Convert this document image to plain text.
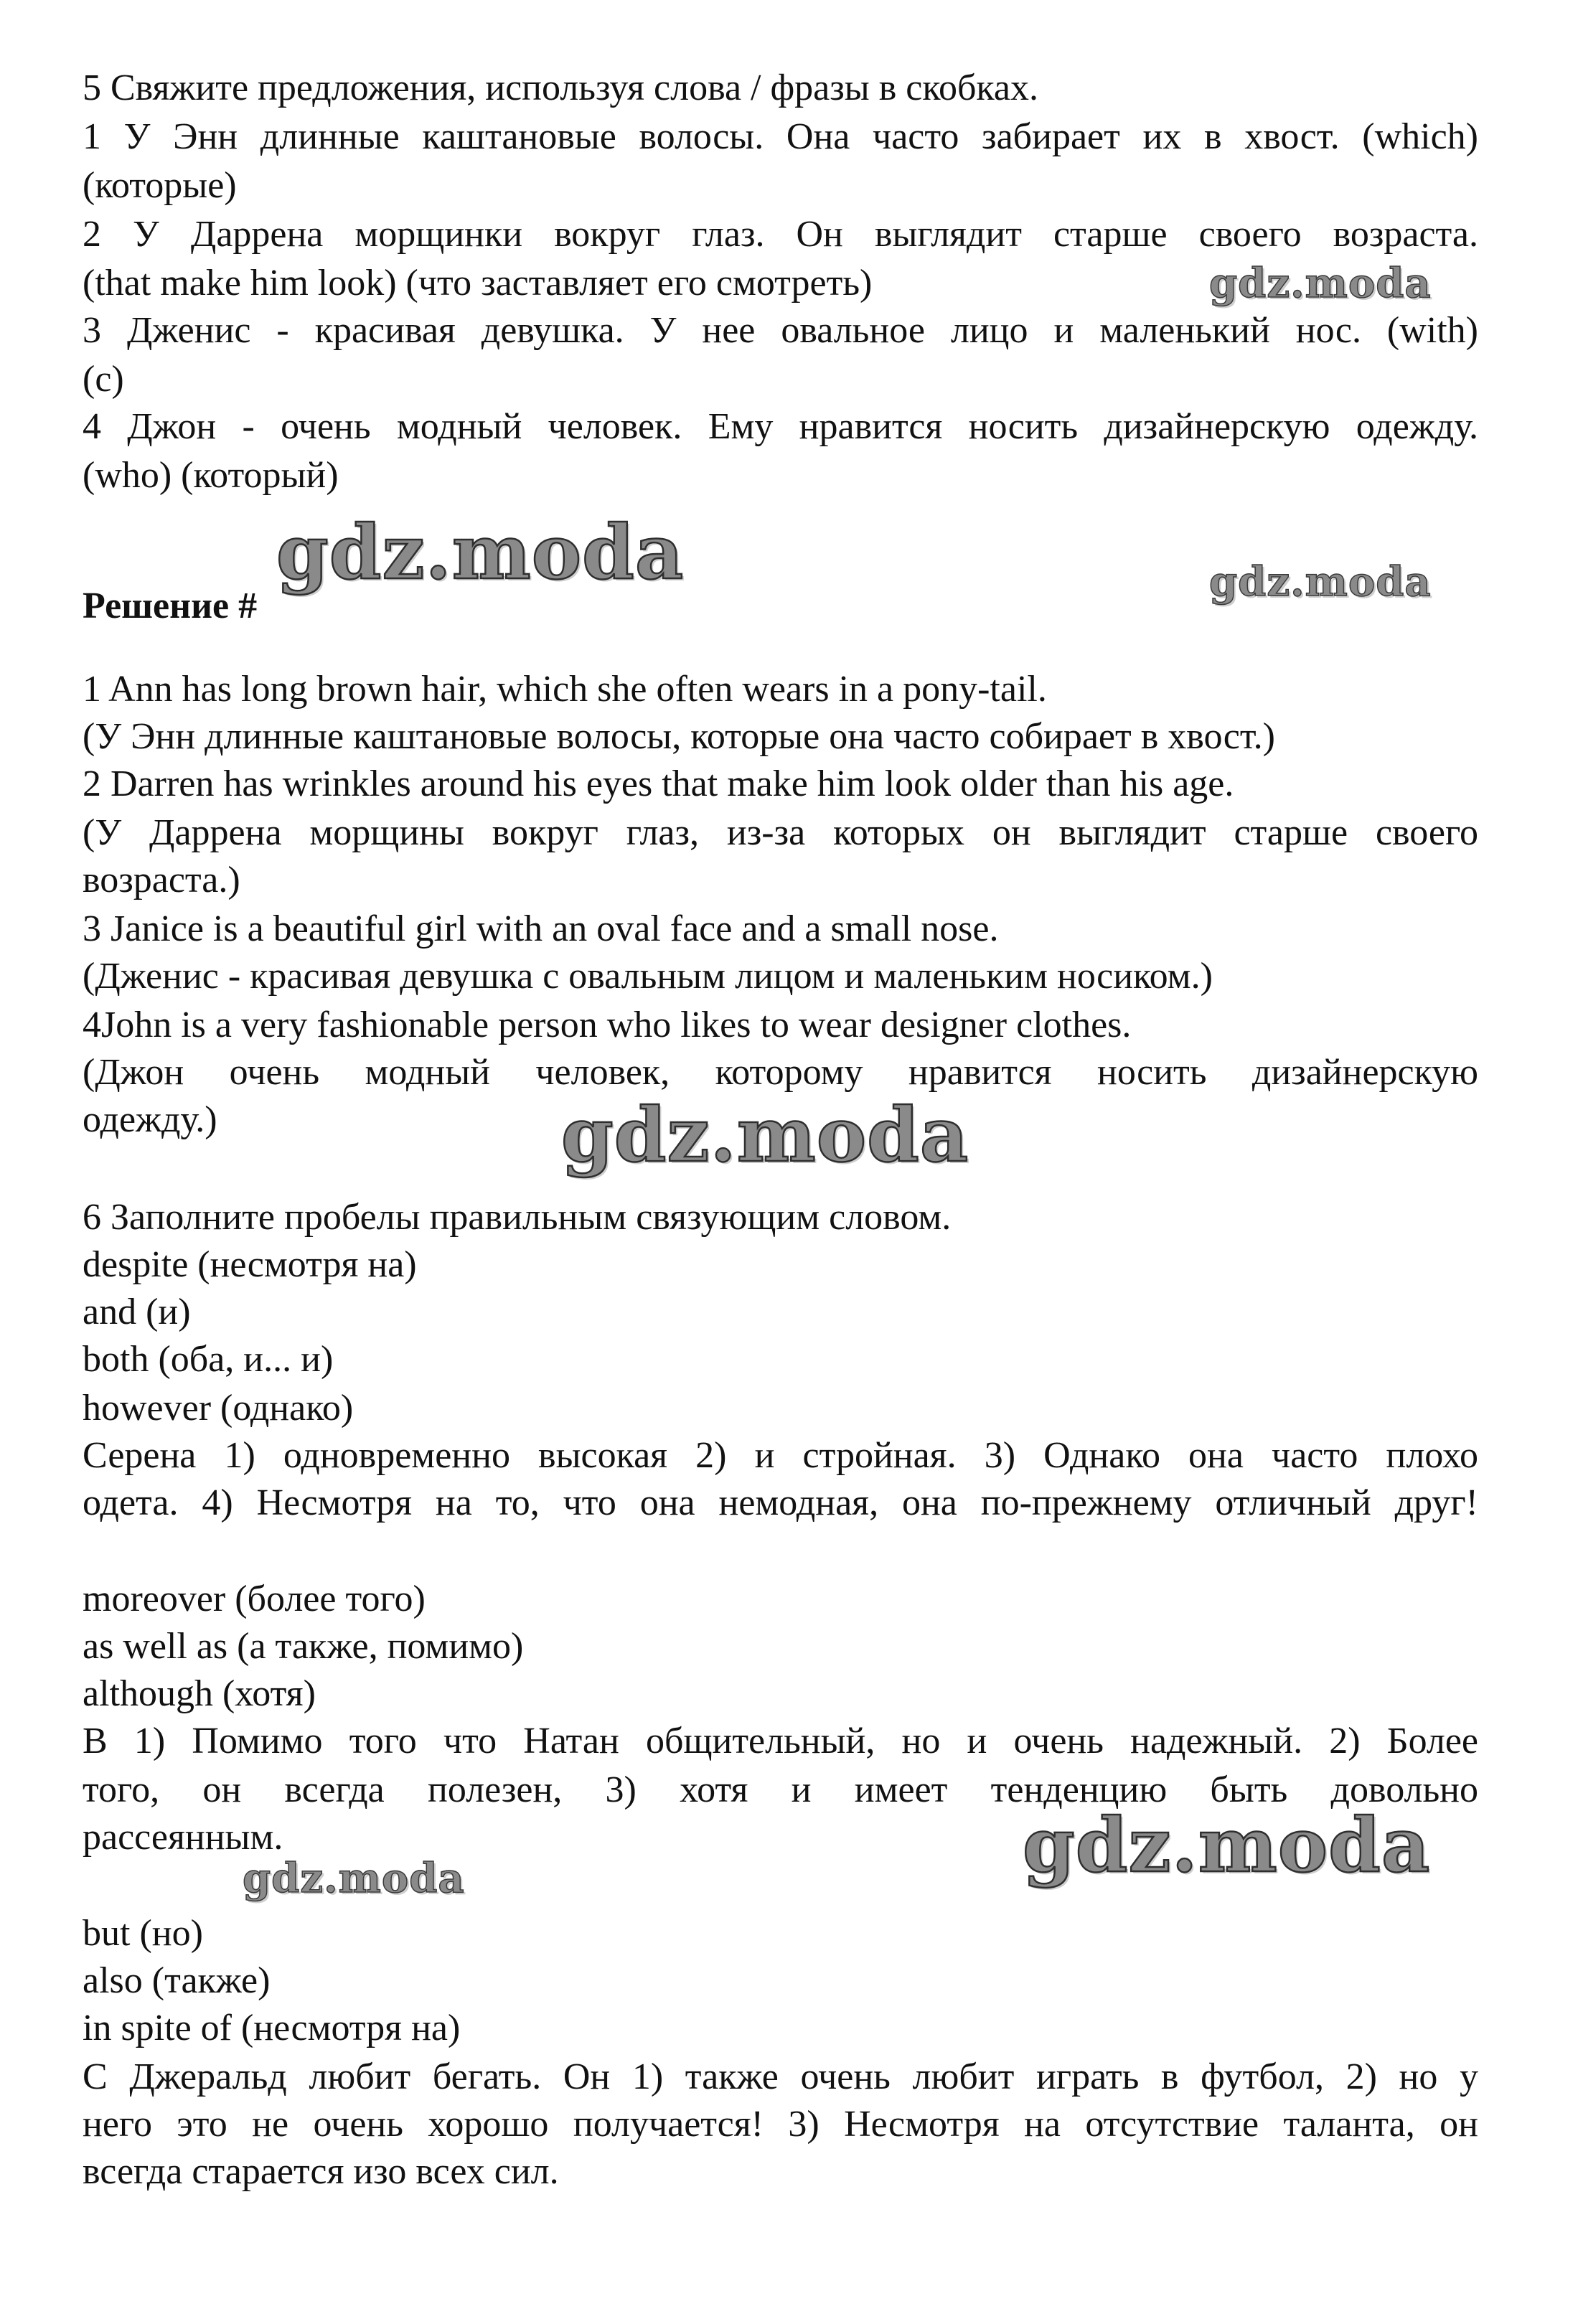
5 Свяжите предложения, используя слова / фразы в скобках.
1 У Энн длинные каштановые волосы. Она часто забирает их в хвост. (which)
(которые)
2 У Даррена морщинки вокруг глаз. Он выглядит старше своего возраста.
(that make him look) (что заставляет его смотреть)
3 Дженис - красивая девушка. У нее овальное лицо и маленький нос. (with)
(с)
4 Джон - очень модный человек. Ему нравится носить дизайнерскую одежду.
(who) (который)
Решение #
1 Ann has long brown hair, which she often wears in a pony-tail.
(У Энн длинные каштановые волосы, которые она часто собирает в хвост.)
2 Darren has wrinkles around his eyes that make him look older than his age.
(У Даррена морщины вокруг глаз, из-за которых он выглядит старше своего
возраста.)
3 Janice is a beautiful girl with an oval face and a small nose.
(Дженис - красивая девушка с овальным лицом и маленьким носиком.)
4John is a very fashionable person who likes to wear designer clothes.
(Джон очень модный человек, которому нравится носить дизайнерскую
одежду.)
6 Заполните пробелы правильным связующим словом.
despite (несмотря на)
and (и)
both (оба, и... и)
however (однако)
Серена 1) одновременно высокая 2) и стройная. 3) Однако она часто плохо
одета. 4) Несмотря на то, что она немодная, она по-прежнему отличный друг!
moreover (более того)
as well as (а также, помимо)
although (хотя)
В 1) Помимо того что Натан общительный, но и очень надежный. 2) Более
того, он всегда полезен, 3) хотя и имеет тенденцию быть довольно
рассеянным.
but (но)
also (также)
in spite of (несмотря на)
С Джеральд любит бегать. Он 1) также очень любит играть в футбол, 2) но у
него это не очень хорошо получается! 3) Несмотря на отсутствие таланта, он
всегда старается изо всех сил.
gdz.moda
gdz.moda	gdz.moda
gdz.moda
gdz.moda
gdz.moda
